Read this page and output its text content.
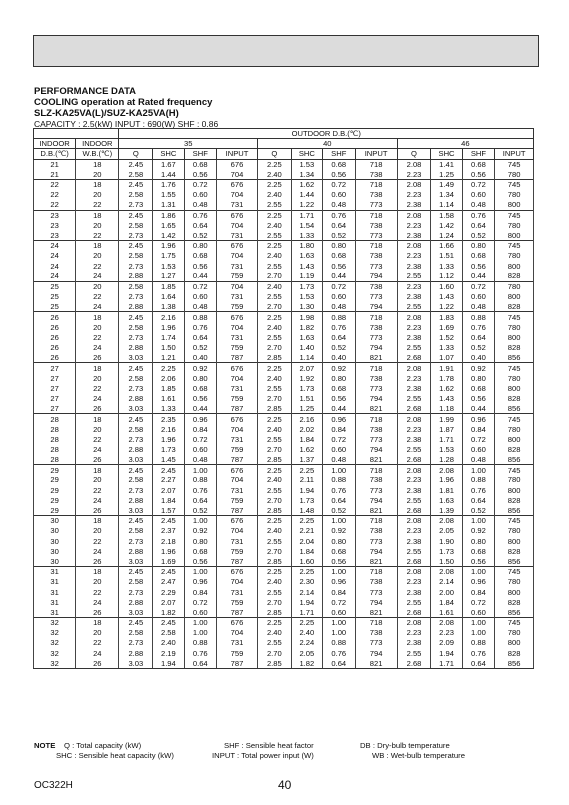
PERFORMANCE DATA
COOLING operation at Rated frequency
SLZ-KA25VA(L)/SUZ-KA25VA(H)
CAPACITY : 2.5(kW) INPUT : 690(W) SHF : 0.86
		OUTDOOR D.B.(℃)											
INDOOR	INDOOR	35				40				46			
D.B.(℃)	W.B.(℃)	Q	SHC	SHF	INPUT	Q	SHC	SHF	INPUT	Q	SHC	SHF	INPUT
21	18	2.45	1.67	0.68	676	2.25	1.53	0.68	718	2.08	1.41	0.68	745
21	20	2.58	1.44	0.56	704	2.40	1.34	0.56	738	2.23	1.25	0.56	780
22	18	2.45	1.76	0.72	676	2.25	1.62	0.72	718	2.08	1.49	0.72	745
22	20	2.58	1.55	0.60	704	2.40	1.44	0.60	738	2.23	1.34	0.60	780
22	22	2.73	1.31	0.48	731	2.55	1.22	0.48	773	2.38	1.14	0.48	800
23	18	2.45	1.86	0.76	676	2.25	1.71	0.76	718	2.08	1.58	0.76	745
23	20	2.58	1.65	0.64	704	2.40	1.54	0.64	738	2.23	1.42	0.64	780
23	22	2.73	1.42	0.52	731	2.55	1.33	0.52	773	2.38	1.24	0.52	800
24	18	2.45	1.96	0.80	676	2.25	1.80	0.80	718	2.08	1.66	0.80	745
24	20	2.58	1.75	0.68	704	2.40	1.63	0.68	738	2.23	1.51	0.68	780
24	22	2.73	1.53	0.56	731	2.55	1.43	0.56	773	2.38	1.33	0.56	800
24	24	2.88	1.27	0.44	759	2.70	1.19	0.44	794	2.55	1.12	0.44	828
25	20	2.58	1.85	0.72	704	2.40	1.73	0.72	738	2.23	1.60	0.72	780
25	22	2.73	1.64	0.60	731	2.55	1.53	0.60	773	2.38	1.43	0.60	800
25	24	2.88	1.38	0.48	759	2.70	1.30	0.48	794	2.55	1.22	0.48	828
26	18	2.45	2.16	0.88	676	2.25	1.98	0.88	718	2.08	1.83	0.88	745
26	20	2.58	1.96	0.76	704	2.40	1.82	0.76	738	2.23	1.69	0.76	780
26	22	2.73	1.74	0.64	731	2.55	1.63	0.64	773	2.38	1.52	0.64	800
26	24	2.88	1.50	0.52	759	2.70	1.40	0.52	794	2.55	1.33	0.52	828
26	26	3.03	1.21	0.40	787	2.85	1.14	0.40	821	2.68	1.07	0.40	856
27	18	2.45	2.25	0.92	676	2.25	2.07	0.92	718	2.08	1.91	0.92	745
27	20	2.58	2.06	0.80	704	2.40	1.92	0.80	738	2.23	1.78	0.80	780
27	22	2.73	1.85	0.68	731	2.55	1.73	0.68	773	2.38	1.62	0.68	800
27	24	2.88	1.61	0.56	759	2.70	1.51	0.56	794	2.55	1.43	0.56	828
27	26	3.03	1.33	0.44	787	2.85	1.25	0.44	821	2.68	1.18	0.44	856
28	18	2.45	2.35	0.96	676	2.25	2.16	0.96	718	2.08	1.99	0.96	745
28	20	2.58	2.16	0.84	704	2.40	2.02	0.84	738	2.23	1.87	0.84	780
28	22	2.73	1.96	0.72	731	2.55	1.84	0.72	773	2.38	1.71	0.72	800
28	24	2.88	1.73	0.60	759	2.70	1.62	0.60	794	2.55	1.53	0.60	828
28	26	3.03	1.45	0.48	787	2.85	1.37	0.48	821	2.68	1.28	0.48	856
29	18	2.45	2.45	1.00	676	2.25	2.25	1.00	718	2.08	2.08	1.00	745
29	20	2.58	2.27	0.88	704	2.40	2.11	0.88	738	2.23	1.96	0.88	780
29	22	2.73	2.07	0.76	731	2.55	1.94	0.76	773	2.38	1.81	0.76	800
29	24	2.88	1.84	0.64	759	2.70	1.73	0.64	794	2.55	1.63	0.64	828
29	26	3.03	1.57	0.52	787	2.85	1.48	0.52	821	2.68	1.39	0.52	856
30	18	2.45	2.45	1.00	676	2.25	2.25	1.00	718	2.08	2.08	1.00	745
30	20	2.58	2.37	0.92	704	2.40	2.21	0.92	738	2.23	2.05	0.92	780
30	22	2.73	2.18	0.80	731	2.55	2.04	0.80	773	2.38	1.90	0.80	800
30	24	2.88	1.96	0.68	759	2.70	1.84	0.68	794	2.55	1.73	0.68	828
30	26	3.03	1.69	0.56	787	2.85	1.60	0.56	821	2.68	1.50	0.56	856
31	18	2.45	2.45	1.00	676	2.25	2.25	1.00	718	2.08	2.08	1.00	745
31	20	2.58	2.47	0.96	704	2.40	2.30	0.96	738	2.23	2.14	0.96	780
31	22	2.73	2.29	0.84	731	2.55	2.14	0.84	773	2.38	2.00	0.84	800
31	24	2.88	2.07	0.72	759	2.70	1.94	0.72	794	2.55	1.84	0.72	828
31	26	3.03	1.82	0.60	787	2.85	1.71	0.60	821	2.68	1.61	0.60	856
32	18	2.45	2.45	1.00	676	2.25	2.25	1.00	718	2.08	2.08	1.00	745
32	20	2.58	2.58	1.00	704	2.40	2.40	1.00	738	2.23	2.23	1.00	780
32	22	2.73	2.40	0.88	731	2.55	2.24	0.88	773	2.38	2.09	0.88	800
32	24	2.88	2.19	0.76	759	2.70	2.05	0.76	794	2.55	1.94	0.76	828
32	26	3.03	1.94	0.64	787	2.85	1.82	0.64	821	2.68	1.71	0.64	856
NOTE	Q : Total capacity (kW)	SHF : Sensible heat factor	DB : Dry-bulb temperature
SHC : Sensible heat capacity (kW)	INPUT : Total power input (W)	WB : Wet-bulb temperature
OC322H	40
